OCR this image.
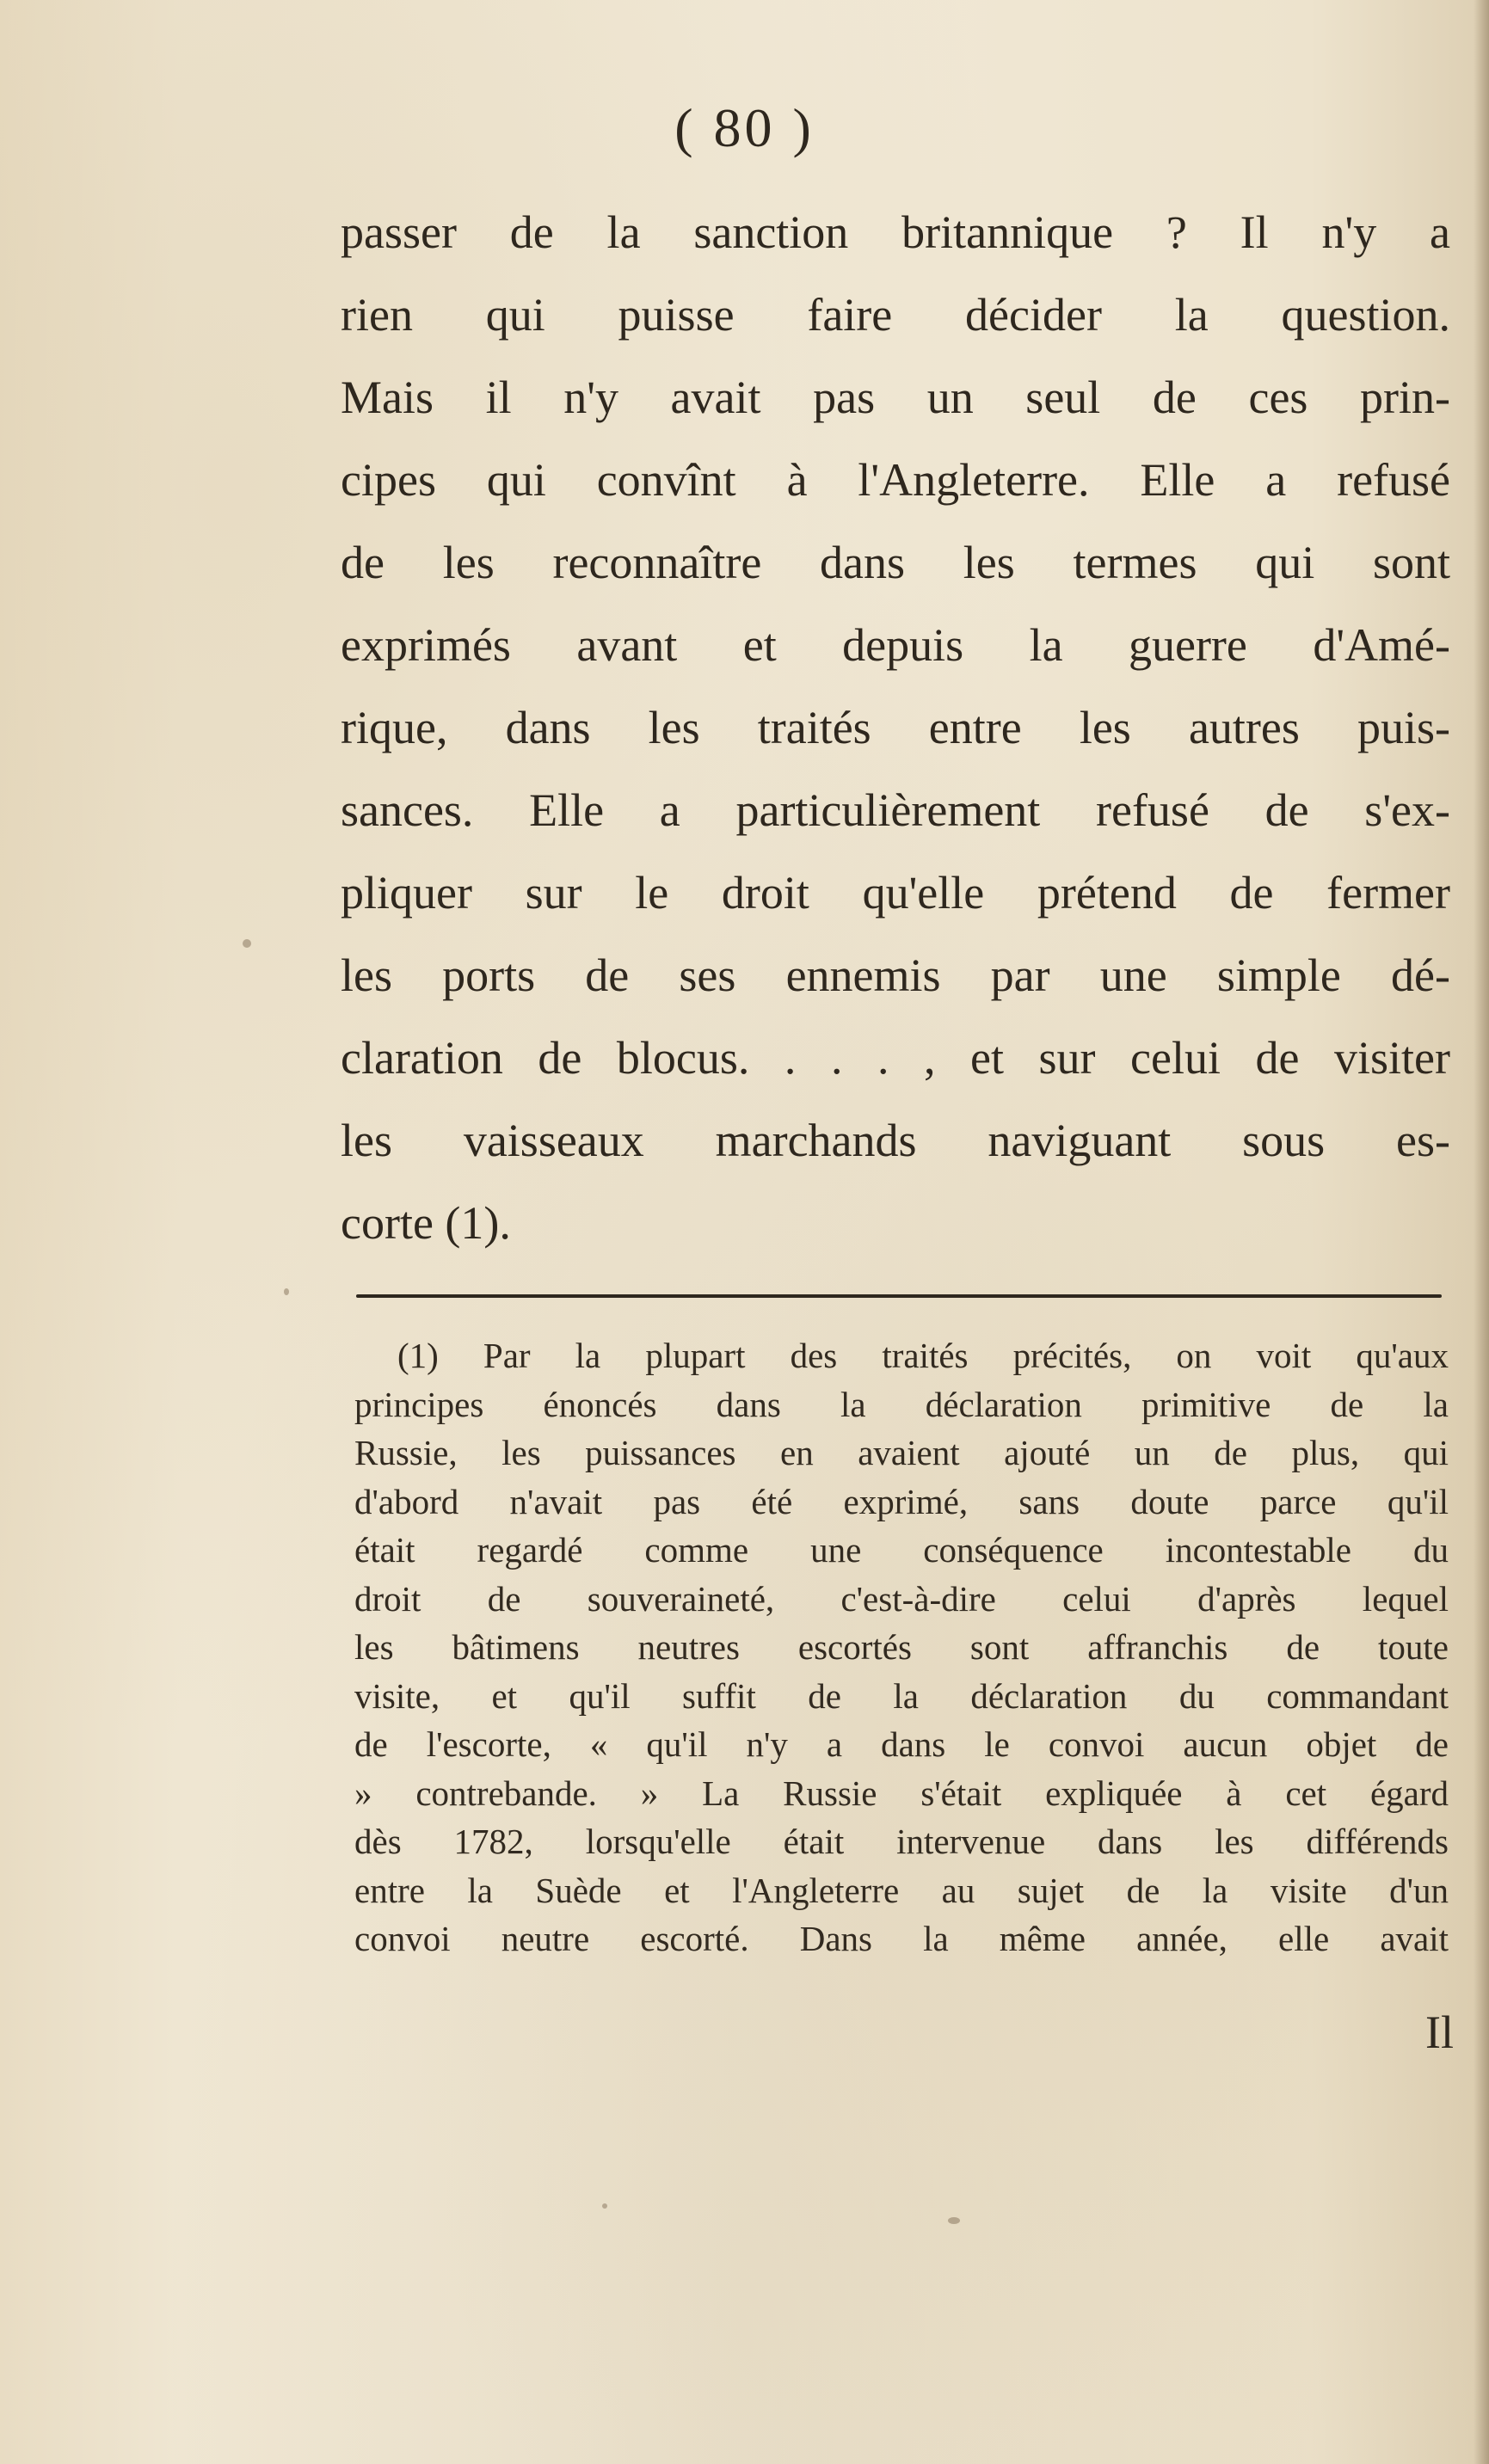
( 80 )
passer de la sanction britannique ? Il n'y a
rien qui puisse faire décider la question.
Mais il n'y avait pas un seul de ces prin-
cipes qui convînt à l'Angleterre. Elle a refusé
de les reconnaître dans les termes qui sont
exprimés avant et depuis la guerre d'Amé-
rique, dans les traités entre les autres puis-
sances. Elle a particulièrement refusé de s'ex-
pliquer sur le droit qu'elle prétend de fermer
les ports de ses ennemis par une simple dé-
claration de blocus. . . . , et sur celui de visiter
les vaisseaux marchands naviguant sous es-
corte (1).
(1) Par la plupart des traités précités, on voit qu'aux
principes énoncés dans la déclaration primitive de la
Russie, les puissances en avaient ajouté un de plus, qui
d'abord n'avait pas été exprimé, sans doute parce qu'il
était regardé comme une conséquence incontestable du
droit de souveraineté, c'est-à-dire celui d'après lequel
les bâtimens neutres escortés sont affranchis de toute
visite, et qu'il suffit de la déclaration du commandant
de l'escorte, « qu'il n'y a dans le convoi aucun objet de
» contrebande. » La Russie s'était expliquée à cet égard
dès 1782, lorsqu'elle était intervenue dans les différends
entre la Suède et l'Angleterre au sujet de la visite d'un
convoi neutre escorté. Dans la même année, elle avait
Il
